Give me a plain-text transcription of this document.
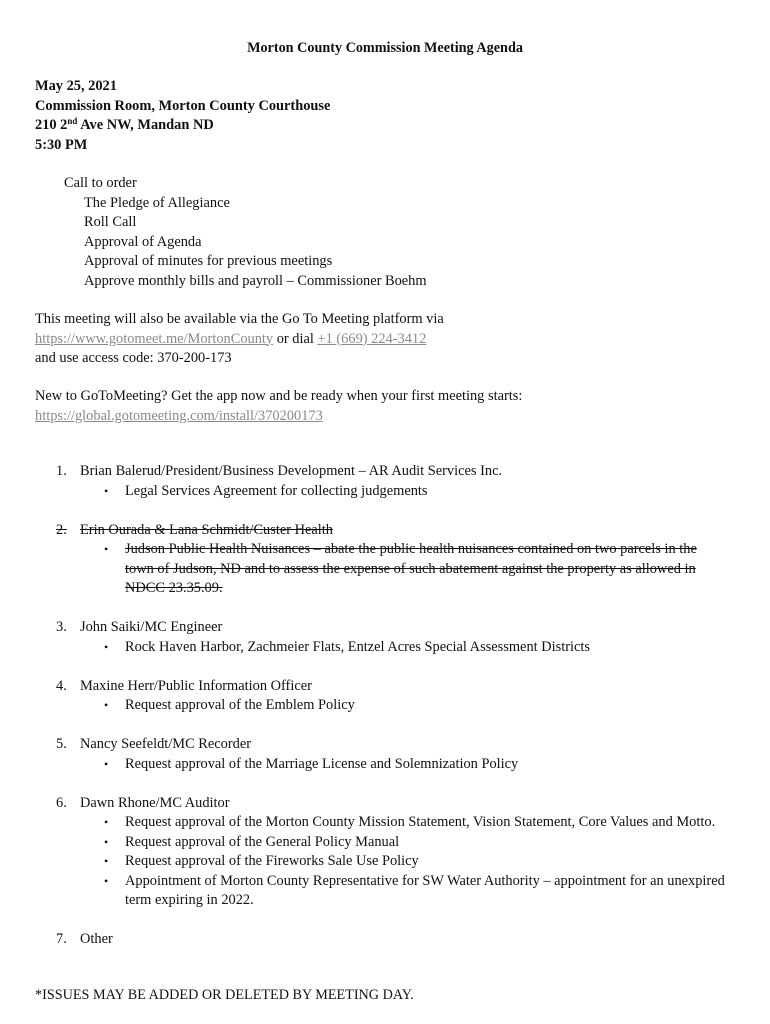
Morton County Commission Meeting Agenda
May 25, 2021
Commission Room, Morton County Courthouse
210 2nd Ave NW, Mandan ND
5:30 PM
Call to order
The Pledge of Allegiance
Roll Call
Approval of Agenda
Approval of minutes for previous meetings
Approve monthly bills and payroll – Commissioner Boehm
This meeting will also be available via the Go To Meeting platform via
https://www.gotomeet.me/MortonCounty or dial +1 (669) 224-3412
and use access code: 370-200-173
New to GoToMeeting? Get the app now and be ready when your first meeting starts:
https://global.gotomeeting.com/install/370200173
1. Brian Balerud/President/Business Development – AR Audit Services Inc.
• Legal Services Agreement for collecting judgements
2. Erin Ourada & Lana Schmidt/Custer Health
• Judson Public Health Nuisances – abate the public health nuisances contained on two parcels in the town of Judson, ND and to assess the expense of such abatement against the property as allowed in NDCC 23.35.09.
3. John Saiki/MC Engineer
• Rock Haven Harbor, Zachmeier Flats, Entzel Acres Special Assessment Districts
4. Maxine Herr/Public Information Officer
• Request approval of the Emblem Policy
5. Nancy Seefeldt/MC Recorder
• Request approval of the Marriage License and Solemnization Policy
6. Dawn Rhone/MC Auditor
• Request approval of the Morton County Mission Statement, Vision Statement, Core Values and Motto.
• Request approval of the General Policy Manual
• Request approval of the Fireworks Sale Use Policy
• Appointment of Morton County Representative for SW Water Authority – appointment for an unexpired term expiring in 2022.
7. Other
*ISSUES MAY BE ADDED OR DELETED BY MEETING DAY.
